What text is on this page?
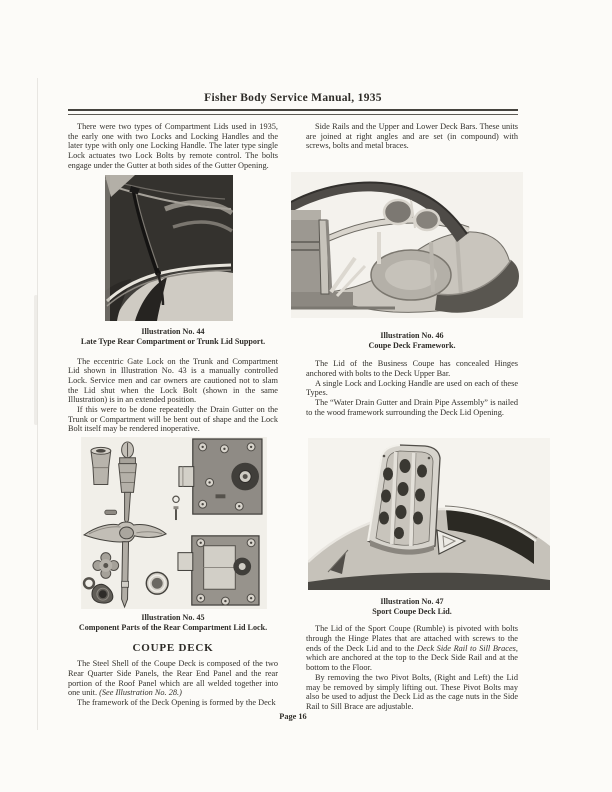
Fisher Body Service Manual, 1935

There were two types of Compartment Lids used in 1935, the early one with two Locks and Locking Handles and the later type with only one Locking Handle. The later type single Lock actuates two Lock Bolts by remote control. The bolts engage under the Gutter at both sides of the Gutter Opening.

Illustration No. 44
Late Type Rear Compartment or Trunk Lid Support.

The eccentric Gate Lock on the Trunk and Compartment Lid shown in Illustration No. 43 is a manually controlled Lock. Service men and car owners are cautioned not to slam the Lid shut when the Lock Bolt (shown in the same Illustration) is in an extended position.

If this were to be done repeatedly the Drain Gutter on the Trunk or Compartment will be bent out of shape and the Lock Bolt itself may be rendered inoperative.

Illustration No. 45
Component Parts of the Rear Compartment Lid Lock.
COUPE DECK

The Steel Shell of the Coupe Deck is composed of the two Rear Quarter Side Panels, the Rear End Panel and the rear portion of the Roof Panel which are all welded together into one unit. (See Illustration No. 28.)

The framework of the Deck Opening is formed by the Deck

Side Rails and the Upper and Lower Deck Bars. These units are joined at right angles and are set (in compound) with screws, bolts and metal braces.

Illustration No. 46
Coupe Deck Framework.

The Lid of the Business Coupe has concealed Hinges anchored with bolts to the Deck Upper Bar.

A single Lock and Locking Handle are used on each of these Types.

The “Water Drain Gutter and Drain Pipe Assembly” is nailed to the wood framework surrounding the Deck Lid Opening.

Illustration No. 47
Sport Coupe Deck Lid.

The Lid of the Sport Coupe (Rumble) is pivoted with bolts through the Hinge Plates that are attached with screws to the ends of the Deck Lid and to the Deck Side Rail to Sill Braces, which are anchored at the top to the Deck Side Rail and at the bottom to the Floor.

By removing the two Pivot Bolts, (Right and Left) the Lid may be removed by simply lifting out. These Pivot Bolts may also be used to adjust the Deck Lid as the cage nuts in the Side Rail to Sill Brace are adjustable.

Page 16
